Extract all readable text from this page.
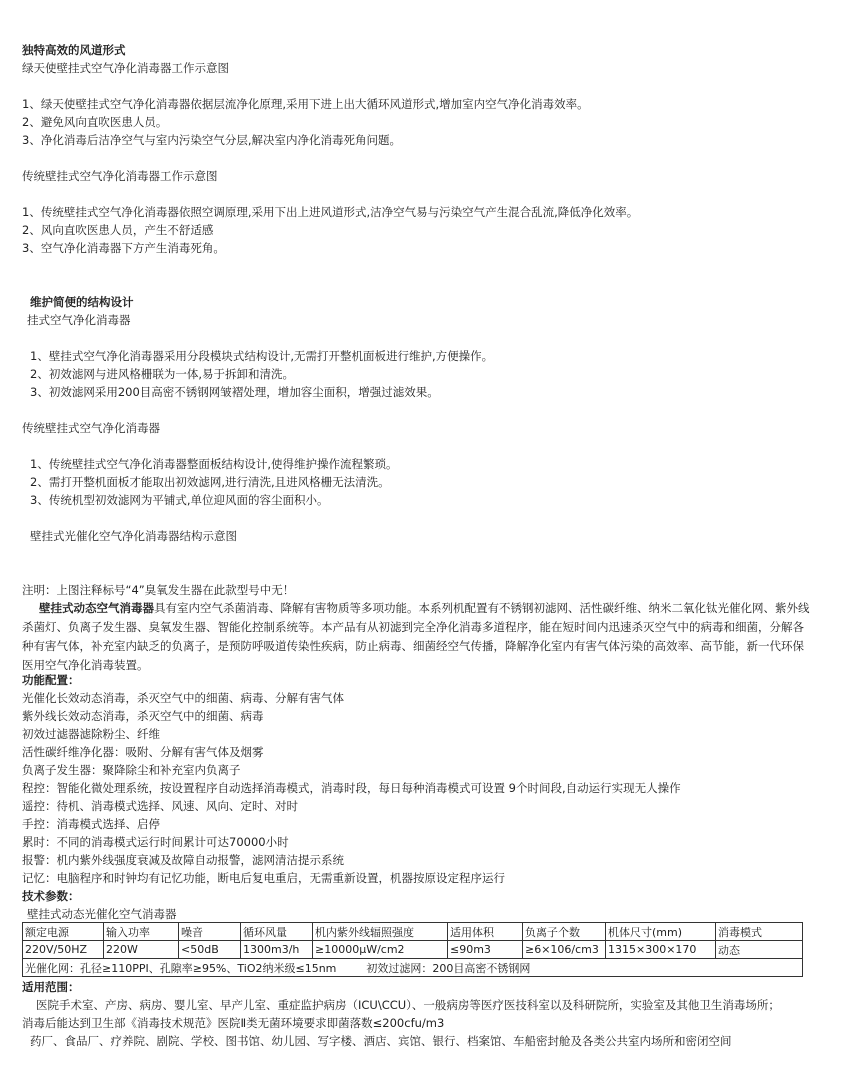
独特高效的风道形式
绿天使壁挂式空气净化消毒器工作示意图
1、绿天使壁挂式空气净化消毒器依据层流净化原理,采用下进上出大循环风道形式,增加室内空气净化消毒效率。
2、避免风向直吹医患人员。
3、净化消毒后洁净空气与室内污染空气分层,解决室内净化消毒死角问题。
传统壁挂式空气净化消毒器工作示意图
1、传统壁挂式空气净化消毒器依照空调原理,采用下出上进风道形式,洁净空气易与污染空气产生混合乱流,降低净化效率。
2、风向直吹医患人员，产生不舒适感
3、空气净化消毒器下方产生消毒死角。
维护简便的结构设计
挂式空气净化消毒器
1、壁挂式空气净化消毒器采用分段模块式结构设计,无需打开整机面板进行维护,方便操作。
2、初效滤网与进风格栅联为一体,易于拆卸和清洗。
3、初效滤网采用200目高密不锈钢网皱褶处理，增加容尘面积，增强过滤效果。
传统壁挂式空气净化消毒器
1、传统壁挂式空气净化消毒器整面板结构设计,使得维护操作流程繁琐。
2、需打开整机面板才能取出初效滤网,进行清洗,且进风格栅无法清洗。
3、传统机型初效滤网为平铺式,单位迎风面的容尘面积小。
壁挂式光催化空气净化消毒器结构示意图
注明：上图注释标号“4”臭氧发生器在此款型号中无！
壁挂式动态空气消毒器具有室内空气杀菌消毒、降解有害物质等多项功能。本系列机配置有不锈钢初滤网、活性碳纤维、纳米二氧化钛光催化网、紫外线杀菌灯、负离子发生器、臭氧发生器、智能化控制系统等。本产品有从初滤到完全净化消毒多道程序，能在短时间内迅速杀灭空气中的病毒和细菌，分解各种有害气体，补充室内缺乏的负离子，是预防呼吸道传染性疾病，防止病毒、细菌经空气传播，降解净化室内有害气体污染的高效率、高节能，新一代环保医用空气净化消毒装置。
功能配置：
光催化长效动态消毒，杀灭空气中的细菌、病毒、分解有害气体
紫外线长效动态消毒，杀灭空气中的细菌、病毒
初效过滤器滤除粉尘、纤维
活性碳纤维净化器：吸附、分解有害气体及烟雾
负离子发生器：聚降除尘和补充室内负离子
程控：智能化微处理系统，按设置程序自动选择消毒模式，消毒时段，每日每种消毒模式可设置 9个时间段,自动运行实现无人操作
遥控：待机、消毒模式选择、风速、风向、定时、对时
手控：消毒模式选择、启停
累时：不同的消毒模式运行时间累计可达70000小时
报警：机内紫外线强度衰减及故障自动报警，滤网清洁提示系统
记忆：电脑程序和时钟均有记忆功能，断电后复电重启，无需重新设置，机器按原设定程序运行
技术参数：
壁挂式动态光催化空气消毒器
额定电源	输入功率	噪音	循环风量	机内紫外线辐照强度	适用体积	负离子个数	机体尺寸(mm)	消毒模式
220V/50HZ	220W	<50dB	1300m3/h	≥10000μW/cm2	≤90m3	≥6×106/cm3	1315×300×170	动态
光催化网：孔径≥110PPI、孔隙率≥95%、TiO2纳米级≤15nm 初效过滤网：200目高密不锈钢网								
适用范围：
医院手术室、产房、病房、婴儿室、早产儿室、重症监护病房（ICU\CCU）、一般病房等医疗医技科室以及科研院所，实验室及其他卫生消毒场所；
消毒后能达到卫生部《消毒技术规范》医院Ⅱ类无菌环境要求即菌落数≤200cfu/m3
药厂、食品厂、疗养院、剧院、学校、图书馆、幼儿园、写字楼、酒店、宾馆、银行、档案馆、车船密封舱及各类公共室内场所和密闭空间
